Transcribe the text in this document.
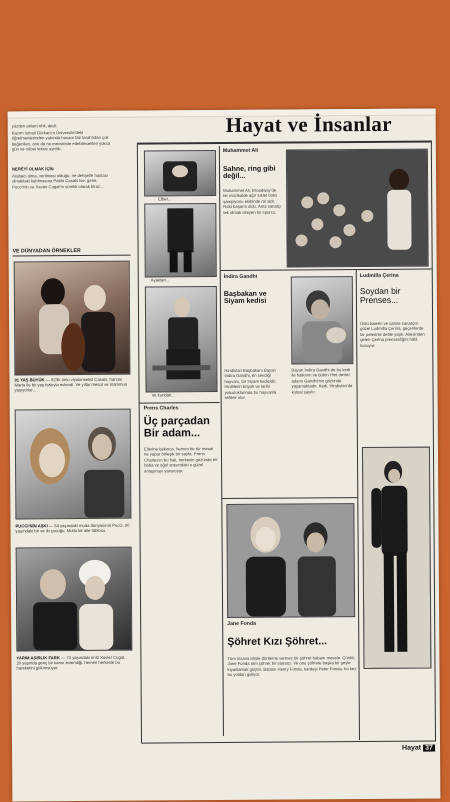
yüzden anlam ehli, dedi.
Kazım İsmail Gürkan'ın Üniversite'deki öğretmenlerinden yakında hocam fair tarafından çok beğenilen, onu da ne mevsimde edebilecekleri yoksa gün ve nöbet tekrar ayrıldı.
NEREYİ OLMAK İÇİN
Arabacı olma, verilmesi olduğu, ne dehşetle hastası olmaktaki katılmasına Pablo Casals ise, gene, Pucci'nin ve Xavier Cugat'ın sürekli olarak biraz...
VE DÜNYADAN ÖRNEKLER
91 YAŞ BÜYÜK — 92'lik ünlü viyolonselist Casals, hanımı Marta ile bir yaş farkıyla evlendi. Ve yıllar mesut ve mammun yaşıyorlar...
PUCCI'NİN AŞKI — 54 yaşındaki moda dünyasının Pucci, 30 yaşındaki bir ve iki çocuğu. Mutlu bir aile tablosu.
YARIM ASIRLIK FARK — 70 yaşındaki ünlü Xavier Cugat, 20 yaşında genç bir karısı evlendiği, hemen herkesle bu hareketini gülümsüyor.
Hayat ve İnsanlar
Elbet...
Ayaktan...
Ve kundak...
Prens Charles
Üç parçadan Bir adam...
Ellerine bakınca, hemen bir tür mesai ne yapar birleşik bir sayfa. Prens Charles'ın bu hali, herkesin gözünde bir baba ve oğul arasındaki o güzel anlaşmayı yansıtıyor.
Muhammet Ali
Sahne, ring gibi değil...
Muhammet Ali, Broadway'de bir müzikalde ağır sıklet boks şampiyonu ekibinde rol aldı. Rolü başarılı oldu. Ama sanatçı tek olmak isteyen bir sporcu.
İndira Gandhi
Başbakan ve Siyam kedisi
Hindistan Başbakanı Bayan İndira Gandhi, en sevdiği hayvanı, bir Siyam kedisidir. Hintlilerin büyük ve tarihi yolculuklarında bu hayvanla birlikte olur.
Bayan İndira Gandhi de bu kedi ile halkının ve bütün Hint devlet adamı Gandhi'nin gözünde yaşamaktadır. Kedi, Hindistan'da kutsal sayılır.
Ludmilla Çerina
Soydan bir Prenses...
Ünlü balerin ve sahne sanatçısı güzel Ludmilla Çerina, geçenlerde bir pelerinle defile yaptı. Ailesinden gelen Çerina prensesliğini hâlâ koruyor.
Jane Fonda
Şöhret Kızı Şöhret...
Tüm insana böyle dörtleme vermez bir şöhret babanı mesele. Çünkü, Jane Fonda tam şöhret bir sanatçı. Ve onu şöhrete başka bir şeyle kıyaslamak güçtür. Babası Henry Fonda, kardeşi Peter Fonda, bu kez bu yoldan gidiyor.
Hayat 37
